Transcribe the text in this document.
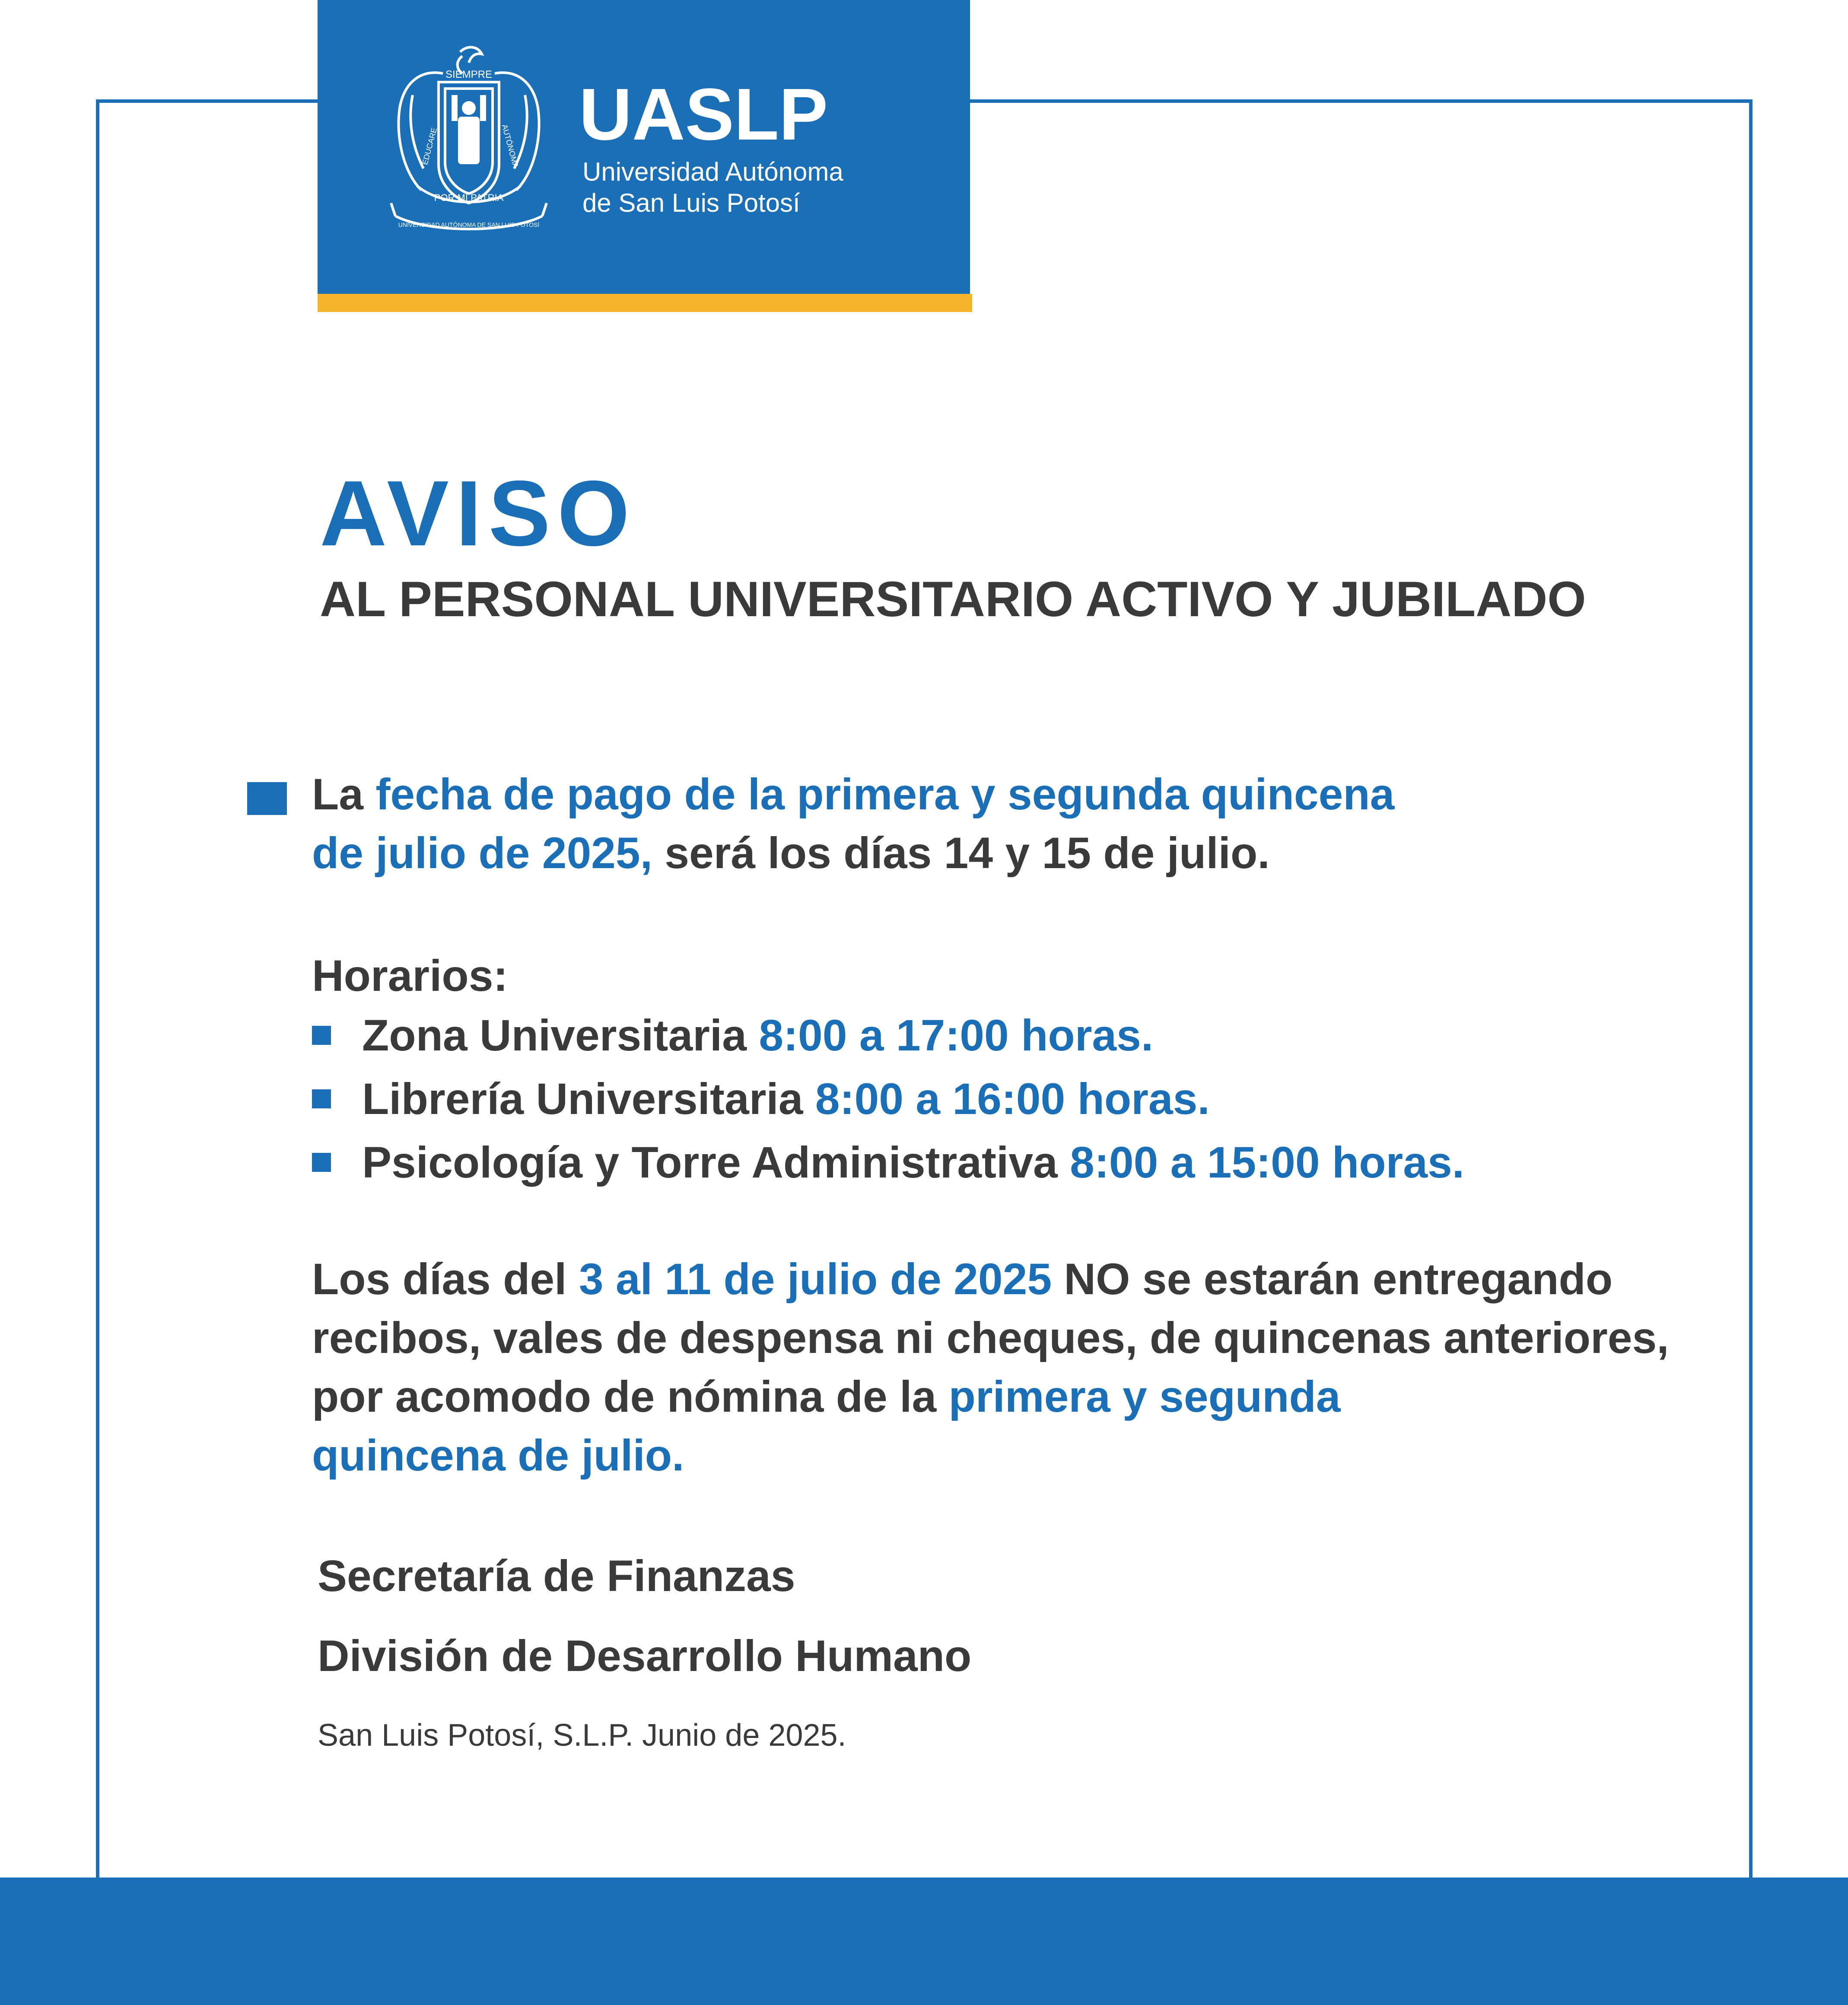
SIEMPRE
EDUCARE	AUTÓNOMA
POR MI PATRIA
UNIVERSIDAD AUTÓNOMA DE SAN LUIS POTOSÍ
UASLP
Universidad Autónoma
de San Luis Potosí
AVISO
AL PERSONAL UNIVERSITARIO ACTIVO Y JUBILADO
La fecha de pago de la primera y segunda quincena
de julio de 2025, será los días 14 y 15 de julio.
Horarios:
Zona Universitaria 8:00 a 17:00 horas.
Librería Universitaria 8:00 a 16:00 horas.
Psicología y Torre Administrativa 8:00 a 15:00 horas.
Los días del 3 al 11 de julio de 2025 NO se estarán entregando
recibos, vales de despensa ni cheques, de quincenas anteriores,
por acomodo de nómina de la primera y segunda
quincena de julio.
Secretaría de Finanzas
División de Desarrollo Humano
San Luis Potosí, S.L.P. Junio de 2025.
